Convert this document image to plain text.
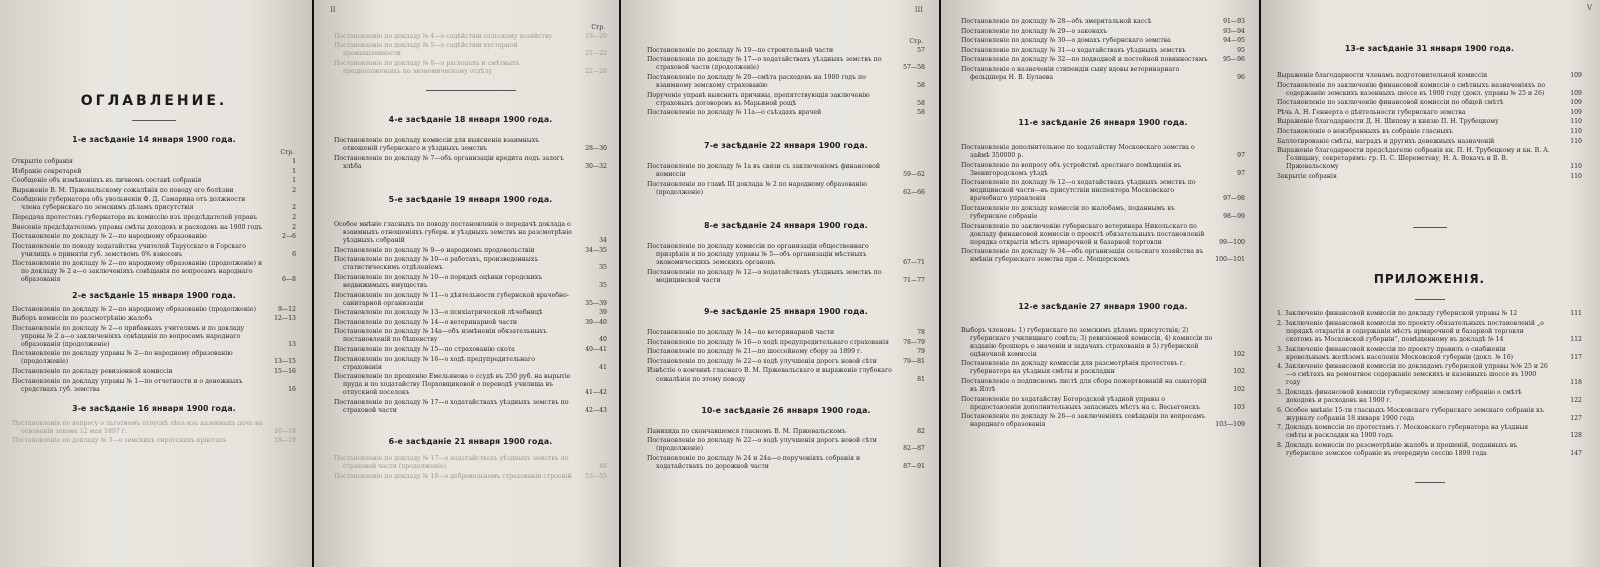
ОГЛАВЛЕНИЕ.
1-е засѣданіе 14 января 1900 года.
Стр.
Открытіе собранія	1
Избраніе секретарей	1
Сообщеніе объ измѣненіяхъ въ личномъ составѣ собранія	1
Выраженіе В. М. Пржевальскому сожалѣнія по поводу его болѣзни	2
Сообщеніе губернатора объ увольненіи Ф. Д. Самарина отъ должности члена губернскаго по земскимъ дѣламъ присутствія	2
Передача протестовъ губернатора въ комиссію изъ предсѣдателей управъ	2
Внесеніе предсѣдателемъ управы смѣты доходовъ и расходовъ на 1900 годъ	2
Постановленіе по докладу № 2—по народному образованію	2—6
Постановленіе по поводу ходатайства учителей Тарусскаго и Горскаго училищъ о принятіи губ. земствомъ 6% взносовъ	6
Постановленіе по докладу № 2—по народному образованію (продолженіе) и по докладу № 2 а—о заключеніяхъ совѣщанія по вопросамъ народнаго образованія	6—8
2-е засѣданіе 15 января 1900 года.
Постановленіе по докладу № 2—по народному образованію (продолженіе)	9—12
Выборъ комиссіи по разсмотрѣнію жалобъ	12—13
Постановленіе по докладу № 2—о прибавкахъ учителямъ и по докладу управы № 2 а—о заключеніяхъ совѣщанія по вопросамъ народнаго образованія (продолженіе)	13
Постановленіе по докладу управы № 2—по народному образованію (продолженіе)	13—15
Постановленіе по докладу ревизіонной комиссіи	15—16
Постановленіе по докладу управы № 1—по отчетности и о денежныхъ средствахъ губ. земства	16
3-е засѣданіе 16 января 1900 года.
Постановленіе по вопросу о льготномъ отпускѣ лѣса изъ казенныхъ дачъ на основаніи закона 12 мая 1897 г.	16—18
Постановленіе по докладу № 3—о земскихъ сиротскихъ пріютахъ	18—19
II
Стр.
Постановленіе по докладу № 4—о содѣйствіи сельскому хозяйству	19—20
Постановленіе по докладу № 5—о содѣйствіи кустарной промышленности	21—22
Постановленіе по докладу № 8—о расходахъ и смѣтныхъ предположеніяхъ по экономическому отдѣлу	22—26
4-е засѣданіе 18 января 1900 года.
Постановленіе по докладу комиссіи для выясненія взаимныхъ отношеній губернскаго и уѣздныхъ земствъ	28—30
Постановленіе по докладу № 7—объ организаціи кредита подъ залогъ хлѣба	30—32
5-е засѣданіе 19 января 1900 года.
Особое мнѣніе гласныхъ по поводу постановленія о передачѣ доклада о взаимныхъ отношеніяхъ губерн. и уѣздныхъ земствъ на разсмотрѣніе уѣздныхъ собраній	34
Постановленіе по докладу № 9—о народномъ продовольствіи	34—35
Постановленіе по докладу № 10—о работахъ, произведенныхъ статистическимъ отдѣленіемъ	35
Постановленіе по докладу № 10—о порядкѣ оцѣнки городскихъ недвижимыхъ имуществъ	35
Постановленіе по докладу № 11—о дѣятельности губернской врачебно-санитарной организаціи	35—39
Постановленіе по докладу № 13—о психіатрической лѣчебницѣ	39
Постановленіе по докладу № 14—о ветеринарной части	39—40
Постановленіе по докладу № 14а—объ измѣненіи обязательныхъ постановленій по бѣшенству	40
Постановленіе по докладу № 15—по страхованію скота	40—41
Постановленіе по докладу № 16—о ходѣ предупредительнаго страхованія	41
Постановленіе по прошенію Емельянова о ссудѣ въ 250 руб. на вырытіе пруда и по ходатайству Порховщиковой о переводѣ училища въ отпускной поселокъ	41—42
Постановленіе по докладу № 17—о ходатайствахъ уѣздныхъ земствъ по страховой части	42—43
6-е засѣданіе 21 января 1900 года.
Постановленіе по докладу № 17—о ходатайствахъ уѣздныхъ земствъ по страховой части (продолженіе)	46
Постановленіе по докладу № 18—о добровольномъ страхованіи строеній	53—55
III
Стр.
Постановленіе по докладу № 19—по строительной части	57
Постановленіе по докладу № 17—о ходатайствахъ уѣздныхъ земствъ по страховой части (продолженіе)	57—58
Постановленіе по докладу № 20—смѣта расходовъ на 1900 годъ по взаимному земскому страхованію	58
Порученіе управѣ выяснить причины, препятствующія заключенію страховыхъ договоровъ въ Марьиной рощѣ	58
Постановленіе по докладу № 11а—о съѣздахъ врачей	58
7-е засѣданіе 22 января 1900 года.
Постановленіе по докладу № 1а въ связи съ заключеніемъ финансовой комиссіи	59—62
Постановленіе по главѣ III доклада № 2 по народному образованію (продолженіе)	62—66
8-е засѣданіе 24 января 1900 года.
Постановленіе по докладу комиссіи по организаціи общественнаго призрѣнія и по докладу управы № 5—объ организаціи мѣстныхъ экономическихъ земскихъ органовъ	67—71
Постановленіе по докладу № 12—о ходатайствахъ уѣздныхъ земствъ по медицинской части	71—77
9-е засѣданіе 25 января 1900 года.
Постановленіе по докладу № 14—по ветеринарной части	78
Постановленіе по докладу № 16—о ходѣ предупредительнаго страхованія	78—79
Постановленіе по докладу № 21—по шоссейному сбору за 1899 г.	79
Постановленіе по докладу № 22—о ходѣ улучшенія дорогъ новой сѣти	79—81
Извѣстіе о кончинѣ гласнаго В. М. Пржевальскаго и выраженіе глубокаго сожалѣнія по этому поводу	81
10-е засѣданіе 26 января 1900 года.
Панихида по скончавшемся гласномъ В. М. Пржевальскомъ	82
Постановленіе по докладу № 22—о ходѣ улучшенія дорогъ новой сѣти (продолженіе)	82—87
Постановленіе по докладу № 24 и 24а—о порученіяхъ собранія и ходатайствахъ по дорожной части	87—91
Постановленіе по докладу № 28—объ эмеритальной кассѣ	91—93
Постановленіе по докладу № 29—о законахъ	93—94
Постановленіе по докладу № 30—о домахъ губернскаго земства	94—95
Постановленіе по докладу № 31—о ходатайствахъ уѣздныхъ земствъ	95
Постановленіе по докладу № 32—по подводной и постойной повинностямъ	95—96
Постановленіе о назначеніи стипендіи сыну вдовы ветеринарнаго фельдшера Н. В. Булаева	96
11-е засѣданіе 26 января 1900 года.
Постановленіе дополнительное по ходатайству Московскаго земства о займѣ 350000 р.	97
Постановленіе по вопросу объ устройствѣ арестнаго помѣщенія въ Звенигородскомъ уѣздѣ	97
Постановленіе по докладу № 12—о ходатайствахъ уѣздныхъ земствъ по медицинской части—въ присутствіи инспектора Московскаго врачебнаго управленія	97—98
Постановленіе по докладу комиссіи по жалобамъ, поданнымъ въ губернское собраніе	98—99
Постановленіе по заключенію губернскаго ветеринара Никольскаго по докладу финансовой комиссіи о проектѣ обязательныхъ постановленій порядка открытія мѣстъ ярмарочной и базарной торговли	99—100
Постановленіе по докладу № 34—объ организаціи сельскаго хозяйства въ имѣніи губернскаго земства при с. Мещерскомъ	100—101
12-е засѣданіе 27 января 1900 года.
Выборъ членовъ: 1) губернскаго по земскимъ дѣламъ присутствія; 2) губернскаго училищнаго совѣта; 3) ревизіонной комиссіи, 4) комиссіи по изданію брошюръ о значеніи и задачахъ страхованія и 5) губернской оцѣночной комиссіи	102
Постановленіе по докладу комиссіи для разсмотрѣнія протестовъ г. губернатора на уѣздныя смѣты и раскладки	102
Постановленіе о подписномъ листѣ для сбора пожертвованій на санаторій въ Ялтѣ	102
Постановленіе по ходатайству Богородской уѣздной управы о предоставленіи дополнительныхъ запасныхъ мѣстъ на с. Весьегонскъ	103
Постановленіе по докладу № 26—о заключеніяхъ совѣщанія по вопросамъ народнаго образованія	103—109
V
13-е засѣданіе 31 января 1900 года.
Выраженіе благодарности членамъ подготовительной комиссіи	109
Постановленіе по заключенію финансовой комиссіи о смѣтныхъ назначеніяхъ по содержанію земскихъ казенныхъ шоссе въ 1900 году (докл. управы № 25 и 26)	109
Постановленіе по заключенію финансовой комиссіи по общей смѣтѣ	109
Рѣчь А. Н. Геннерта о дѣятельности губернскаго земства	109
Выраженіе благодарности Д. Н. Шипову и князю П. Н. Трубецкому	110
Постановленіе о неизбранныхъ въ собраніе гласныхъ	110
Баллотированіе смѣты, наградъ и другихъ денежныхъ назначеній	110
Выраженіе благодарности предсѣдателю собранія кн. П. Н. Трубецкому и кн. В. А. Голицыну, секретарямъ: гр. П. С. Шереметеву, Н. А. Вокачъ и В. В. Пржевальскому	110
Закрытіе собранія	110
ПРИЛОЖЕНІЯ.
1. Заключеніе финансовой комиссіи по докладу губернской управы № 12	111
2. Заключеніе финансовой комиссіи по проекту обязательныхъ постановленій „о порядкѣ открытія и содержанія мѣстъ ярмарочной и базарной торговли скотомъ въ Московской губерніи“, помѣщенному въ докладѣ № 14	112
3. Заключеніе финансовой комиссіи по проекту правилъ о снабженіи кровельнымъ желѣзомъ населенія Московской губерніи (докл. № 16)	117
4. Заключеніе финансовой комиссіи по докладамъ губернской управы №№ 25 и 26—о смѣтахъ на ремонтное содержаніе земскихъ и казенныхъ шоссе въ 1900 году	118
5. Докладъ финансовой комиссіи губернскому земскому собранію о смѣтѣ доходовъ и расходовъ на 1900 г.	122
6. Особое мнѣніе 15-ти гласныхъ Московскаго губернскаго земскаго собранія къ журналу собранія 18 января 1900 года	127
7. Докладъ комиссіи по протестамъ г. Московскаго губернатора на уѣздныя смѣты и раскладки на 1900 годъ	128
8. Докладъ комиссіи по разсмотрѣнію жалобъ и прошеній, поданныхъ въ губернское земское собраніе въ очередную сессію 1899 года	147
